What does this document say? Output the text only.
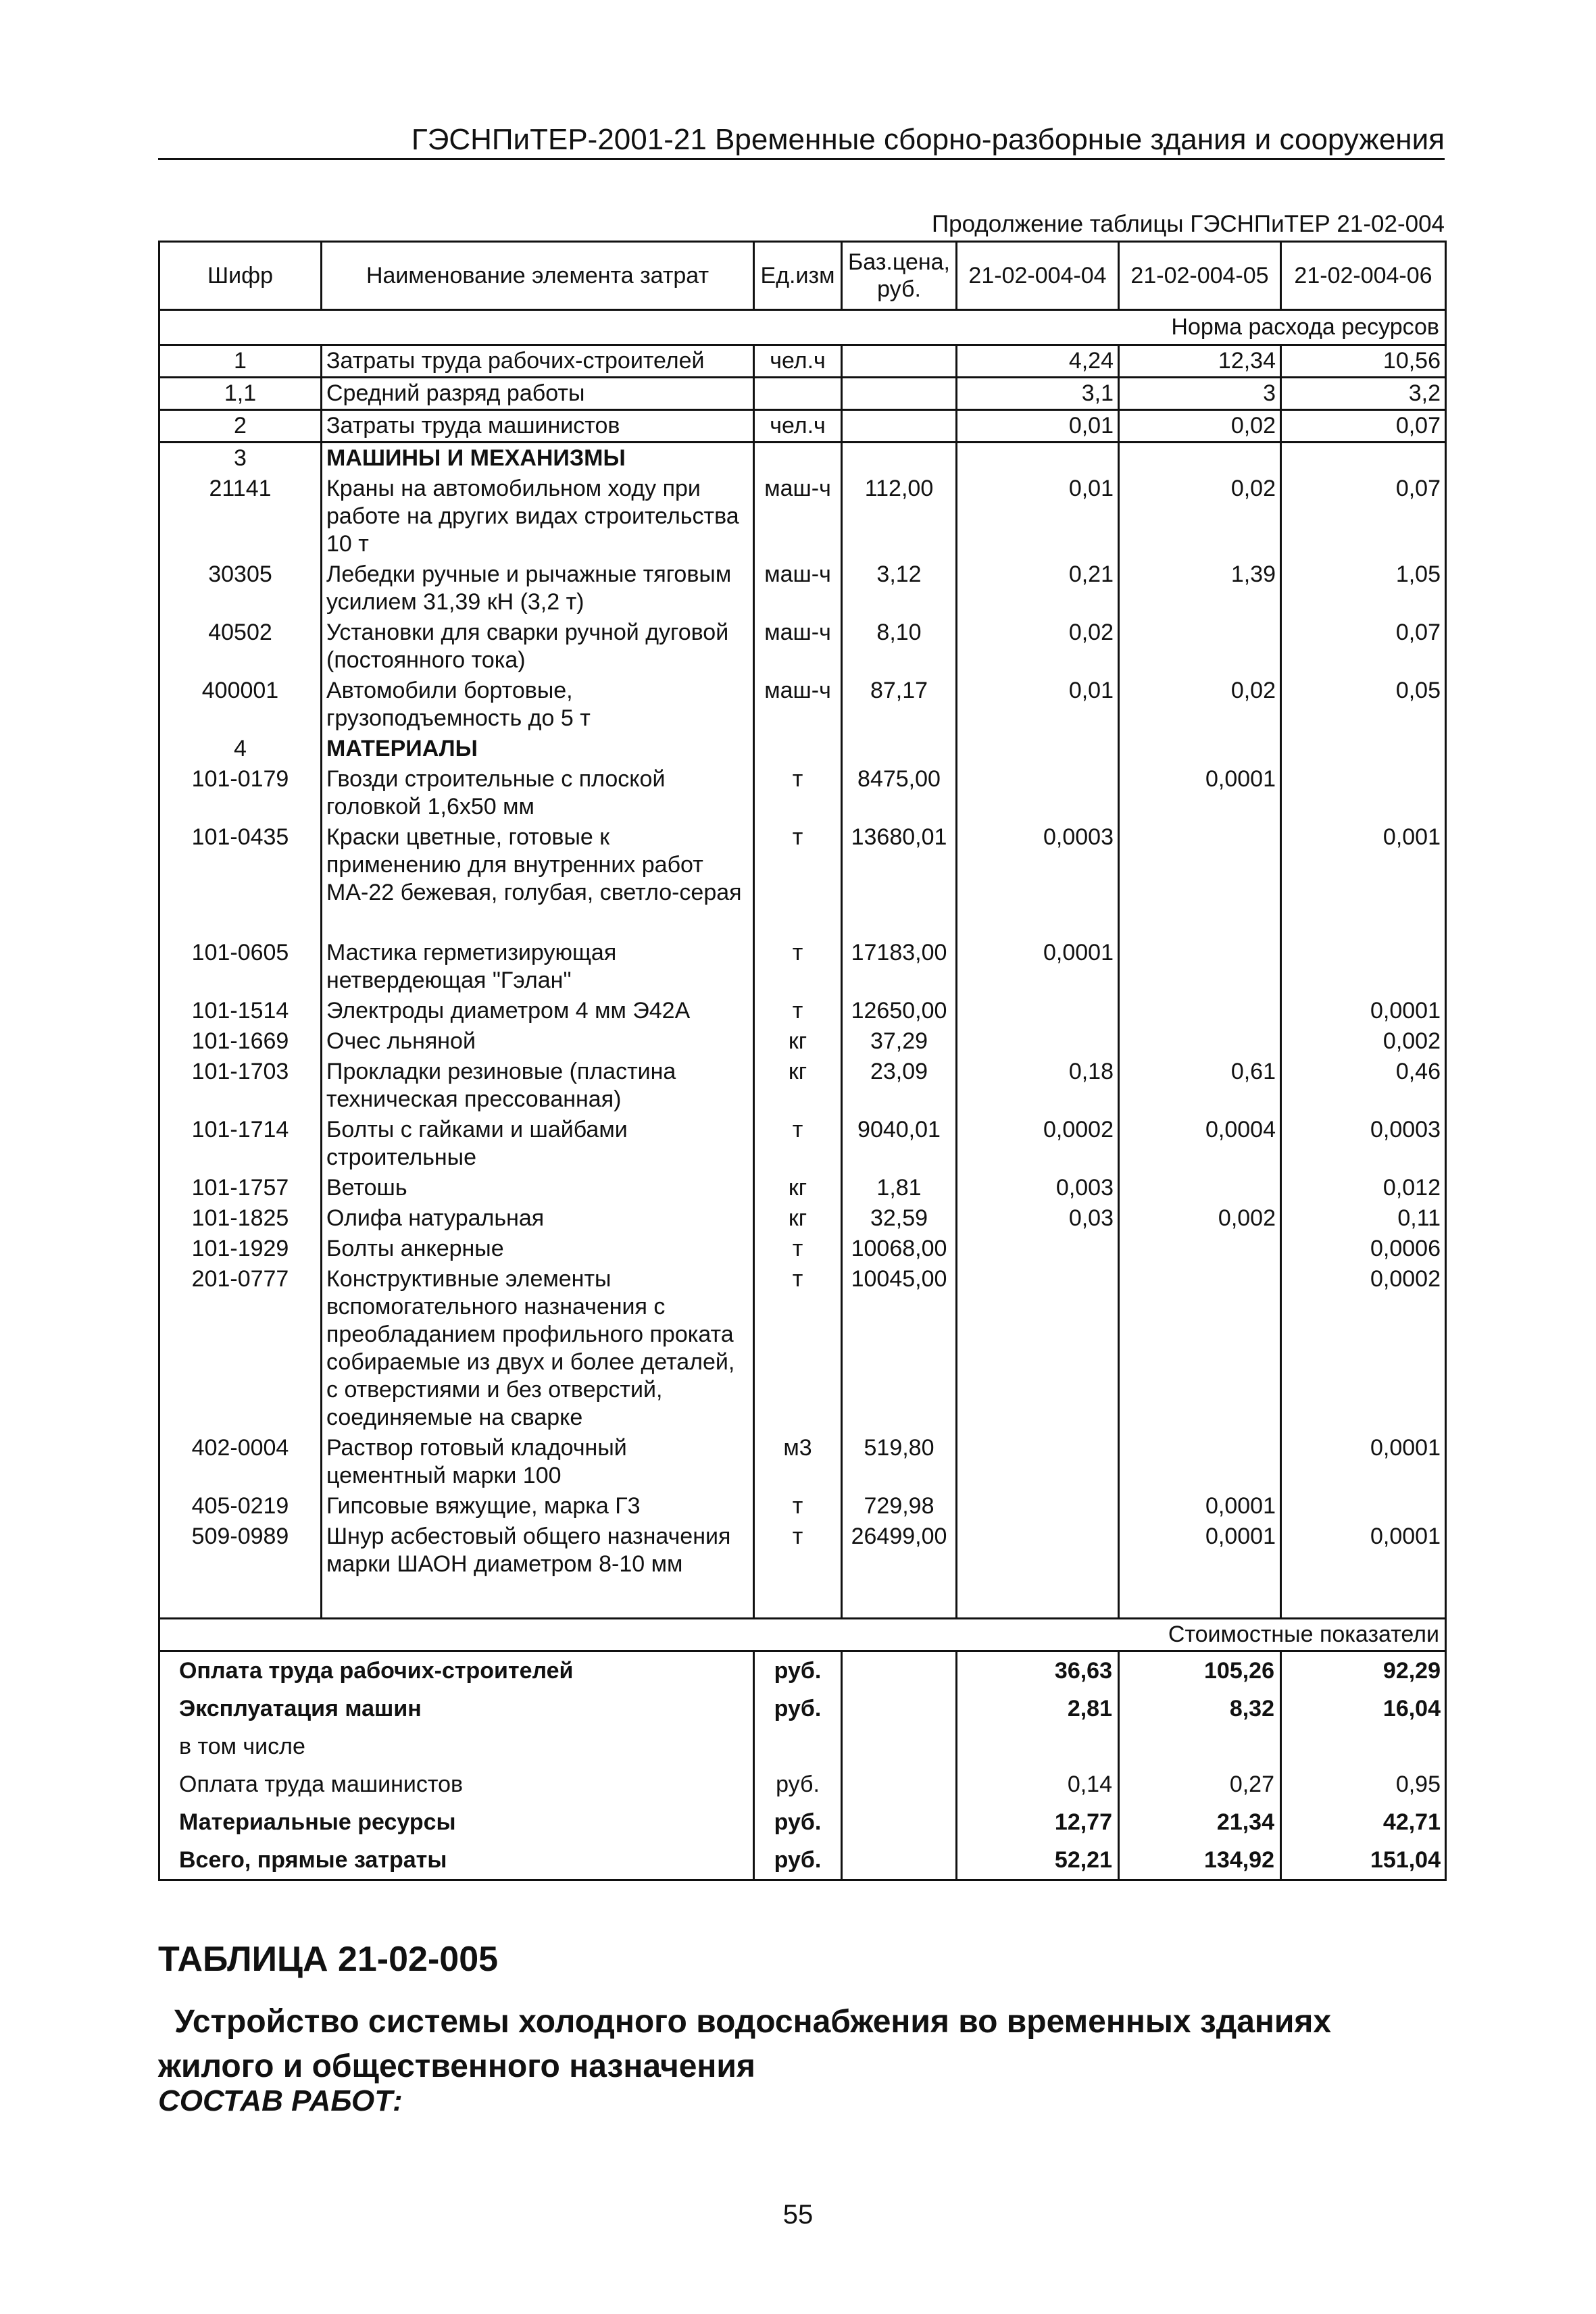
ГЭСНПиТЕР-2001-21 Временные сборно-разборные здания и сооружения
Продолжение таблицы ГЭСНПиТЕР 21-02-004
Шифр	Наименование элемента затрат	Ед.изм	Баз.цена, руб.	21-02-004-04	21-02-004-05	21-02-004-06
Норма расхода ресурсов						
1	Затраты труда рабочих-строителей	чел.ч		4,24	12,34	10,56
1,1	Средний разряд работы			3,1	3	3,2
2	Затраты труда машинистов	чел.ч		0,01	0,02	0,07
3	МАШИНЫ И МЕХАНИЗМЫ					
21141	Краны на автомобильном ходу при работе на других видах строительства 10 т	маш-ч	112,00	0,01	0,02	0,07
30305	Лебедки ручные и рычажные тяговым усилием 31,39 кН (3,2 т)	маш-ч	3,12	0,21	1,39	1,05
40502	Установки для сварки ручной дуговой (постоянного тока)	маш-ч	8,10	0,02		0,07
400001	Автомобили бортовые, грузоподъемность до 5 т	маш-ч	87,17	0,01	0,02	0,05
4	МАТЕРИАЛЫ					
101-0179	Гвозди строительные с плоской головкой 1,6х50 мм	т	8475,00		0,0001	
101-0435	Краски цветные, готовые к применению для внутренних работ МА-22 бежевая, голубая, светло-серая	т	13680,01	0,0003		0,001

101-0605	Мастика герметизирующая нетвердеющая "Гэлан"	т	17183,00	0,0001		
101-1514	Электроды диаметром 4 мм Э42А	т	12650,00			0,0001
101-1669	Очес льняной	кг	37,29			0,002
101-1703	Прокладки резиновые (пластина техническая прессованная)	кг	23,09	0,18	0,61	0,46
101-1714	Болты с гайками и шайбами строительные	т	9040,01	0,0002	0,0004	0,0003
101-1757	Ветошь	кг	1,81	0,003		0,012
101-1825	Олифа натуральная	кг	32,59	0,03	0,002	0,11
101-1929	Болты анкерные	т	10068,00			0,0006
201-0777	Конструктивные элементы вспомогательного назначения с преобладанием профильного проката собираемые из двух и более деталей, с отверстиями и без отверстий, соединяемые на сварке	т	10045,00			0,0002
402-0004	Раствор готовый кладочный цементный марки 100	м3	519,80			0,0001
405-0219	Гипсовые вяжущие, марка Г3	т	729,98		0,0001	
509-0989	Шнур асбестовый общего назначения марки ШАОН диаметром 8-10 мм	т	26499,00		0,0001	0,0001

Стоимостные показатели						
Оплата труда рабочих-строителей		руб.		36,63	105,26	92,29
Эксплуатация машин		руб.		2,81	8,32	16,04
в том числе						
Оплата труда машинистов		руб.		0,14	0,27	0,95
Материальные ресурсы		руб.		12,77	21,34	42,71
Всего, прямые затраты		руб.		52,21	134,92	151,04
ТАБЛИЦА 21-02-005
Устройство системы холодного водоснабжения во временных зданиях
жилого и общественного назначения
СОСТАВ РАБОТ:
55
